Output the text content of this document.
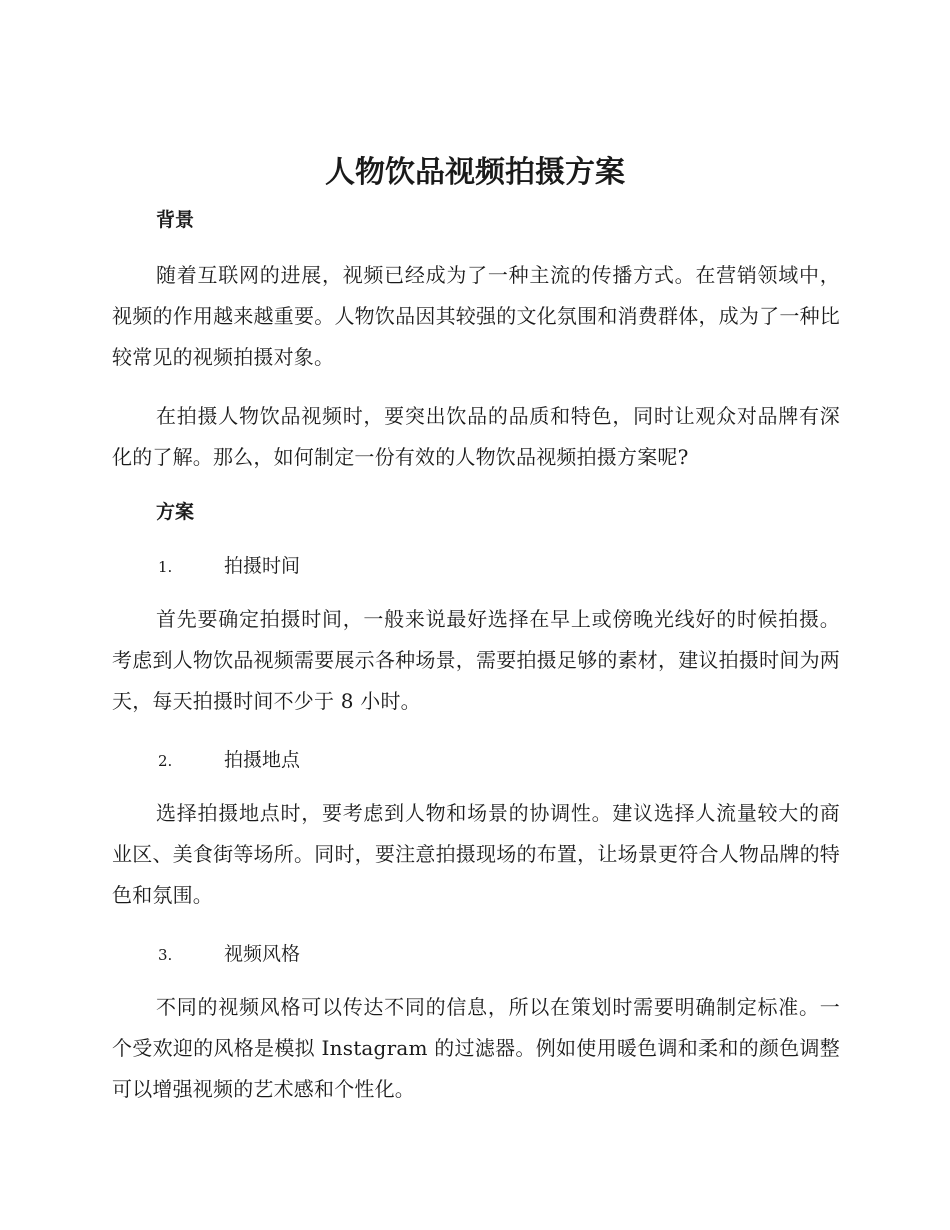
人物饮品视频拍摄方案
背景

随着互联网的进展，视频已经成为了一种主流的传播方式。在营销领域中，视频的作用越来越重要。人物饮品因其较强的文化氛围和消费群体，成为了一种比较常见的视频拍摄对象。

在拍摄人物饮品视频时，要突出饮品的品质和特色，同时让观众对品牌有深化的了解。那么，如何制定一份有效的人物饮品视频拍摄方案呢?

方案
1.	拍摄时间

首先要确定拍摄时间，一般来说最好选择在早上或傍晚光线好的时候拍摄。考虑到人物饮品视频需要展示各种场景，需要拍摄足够的素材，建议拍摄时间为两天，每天拍摄时间不少于 8 小时。

2.	拍摄地点

选择拍摄地点时，要考虑到人物和场景的协调性。建议选择人流量较大的商业区、美食街等场所。同时，要注意拍摄现场的布置，让场景更符合人物品牌的特色和氛围。

3.	视频风格

不同的视频风格可以传达不同的信息，所以在策划时需要明确制定标准。一个受欢迎的风格是模拟 Instagram 的过滤器。例如使用暖色调和柔和的颜色调整可以增强视频的艺术感和个性化。
